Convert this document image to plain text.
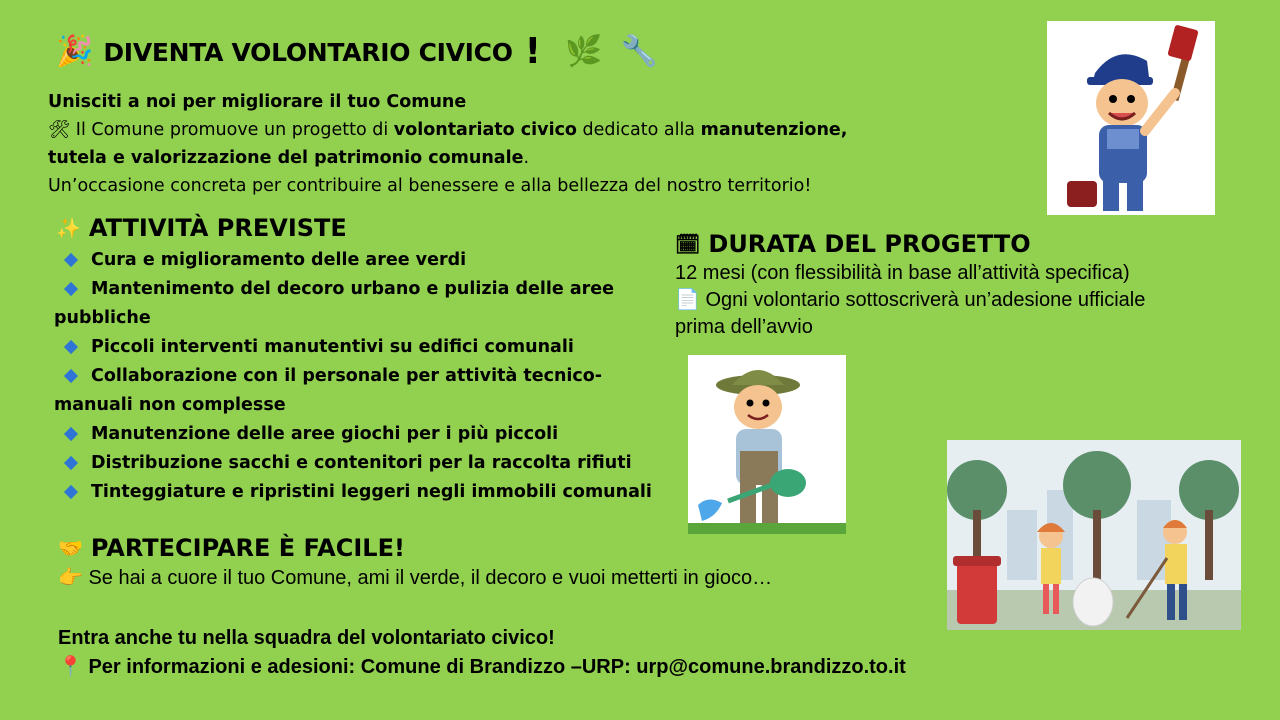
🎉 DIVENTA VOLONTARIO CIVICO ! 🌿 🔧
Unisciti a noi per migliorare il tuo Comune
🛠 Il Comune promuove un progetto di volontariato civico dedicato alla manutenzione,
tutela e valorizzazione del patrimonio comunale.
Un’occasione concreta per contribuire al benessere e alla bellezza del nostro territorio!
✨ ATTIVITÀ PREVISTE
Cura e miglioramento delle aree verdi
Mantenimento del decoro urbano e pulizia delle aree
pubbliche
Piccoli interventi manutentivi su edifici comunali
Collaborazione con il personale per attività tecnico-
manuali non complesse
Manutenzione delle aree giochi per i più piccoli
Distribuzione sacchi e contenitori per la raccolta rifiuti
Tinteggiature e ripristini leggeri negli immobili comunali
🗓 DURATA DEL PROGETTO
12 mesi (con flessibilità in base all’attività specifica)
📄 Ogni volontario sottoscriverà un’adesione ufficiale
prima dell’avvio
🤝 PARTECIPARE È FACILE!
👉 Se hai a cuore il tuo Comune, ami il verde, il decoro e vuoi metterti in gioco…
Entra anche tu nella squadra del volontariato civico!
📍 Per informazioni e adesioni: Comune di Brandizzo –URP: urp@comune.brandizzo.to.it
